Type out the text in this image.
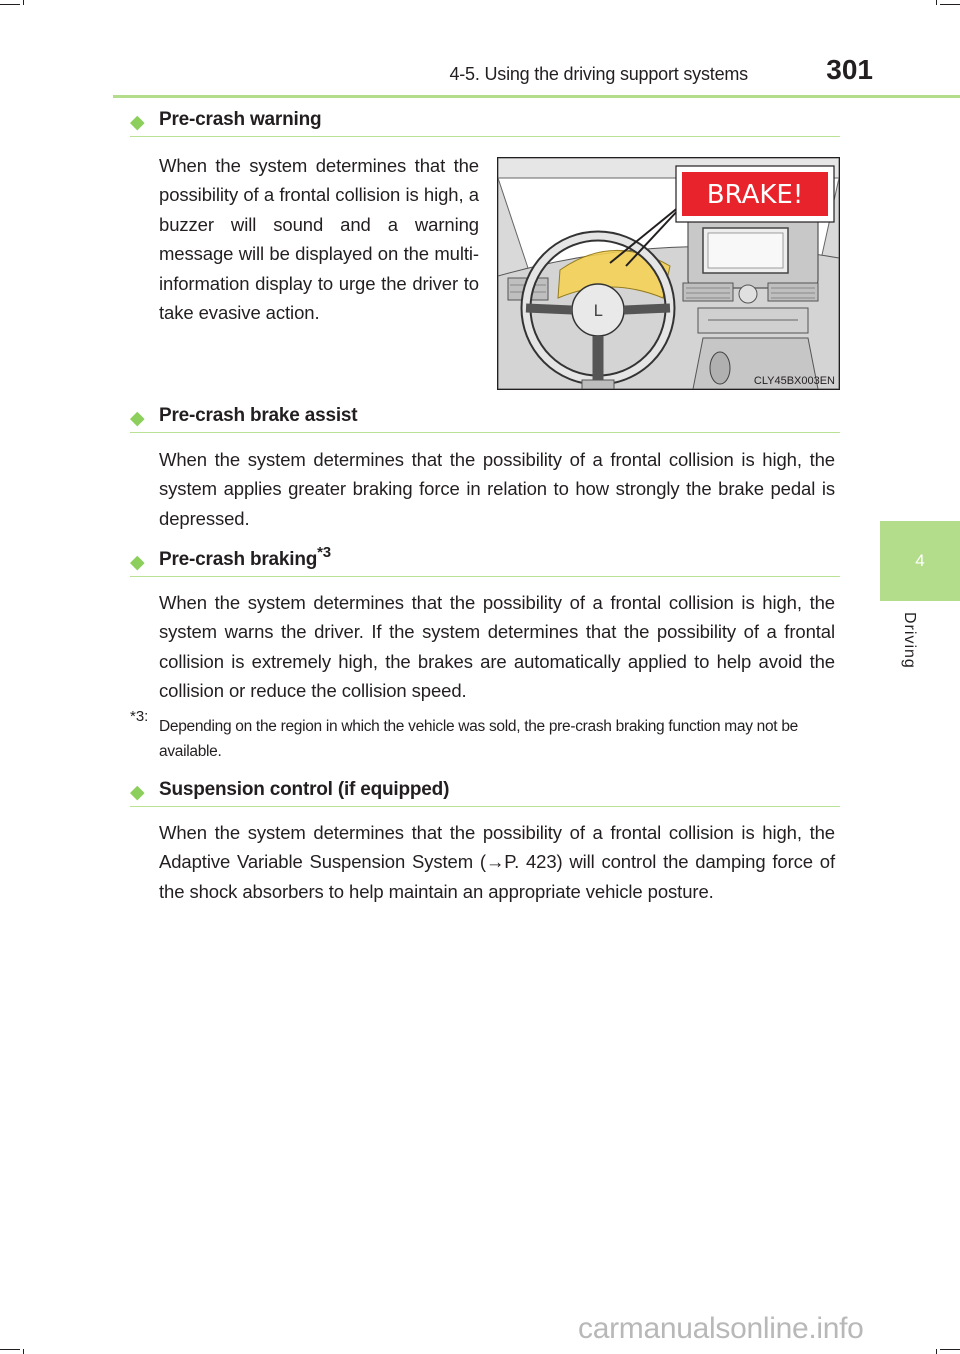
4-5. Using the driving support systems	301
4
Driving
◆ Pre-crash warning

When the system determines that the possibility of a frontal collision is high, a buzzer will sound and a warning message will be displayed on the multi-information display to urge the driver to take evasive action.	L
BRAKE!
CLY45BX003EN
◆ Pre-crash brake assist

When the system determines that the possibility of a frontal collision is high, the system applies greater braking force in relation to how strongly the brake pedal is depressed.

◆ Pre-crash braking$^{*3}$

When the system determines that the possibility of a frontal collision is high, the system warns the driver. If the system determines that the possibility of a frontal collision is extremely high, the brakes are automatically applied to help avoid the collision or reduce the collision speed.

*3:

Depending on the region in which the vehicle was sold, the pre-crash braking function may not be available.

◆ Suspension control (if equipped)

When the system determines that the possibility of a frontal collision is high, the Adaptive Variable Suspension System (→P. 423) will control the damping force of the shock absorbers to help maintain an appropriate vehicle posture.

carmanualsonline.info
